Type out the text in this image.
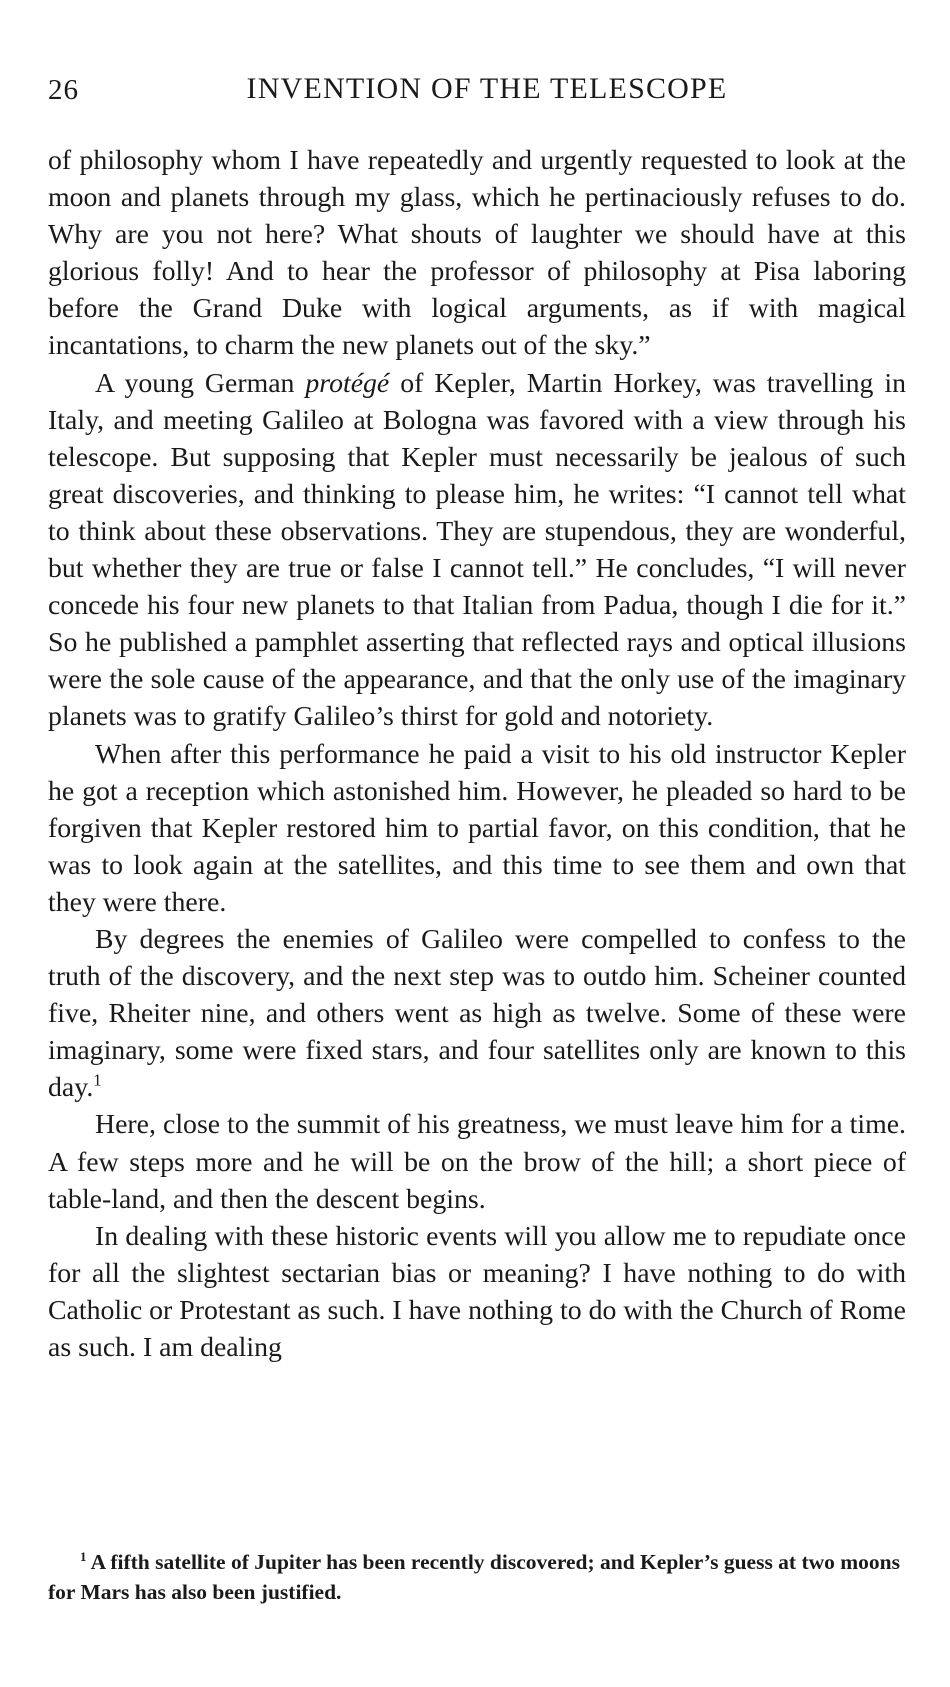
26	INVENTION OF THE TELESCOPE

of philosophy whom I have repeatedly and urgently requested to look at the moon and planets through my glass, which he pertinaciously refuses to do. Why are you not here? What shouts of laughter we should have at this glorious folly! And to hear the professor of philosophy at Pisa laboring before the Grand Duke with logical arguments, as if with magical incantations, to charm the new planets out of the sky.”

A young German protégé of Kepler, Martin Horkey, was travelling in Italy, and meeting Galileo at Bologna was favored with a view through his telescope. But supposing that Kepler must necessarily be jealous of such great discoveries, and thinking to please him, he writes: “I cannot tell what to think about these observations. They are stupendous, they are wonderful, but whether they are true or false I cannot tell.” He concludes, “I will never concede his four new planets to that Italian from Padua, though I die for it.” So he published a pamphlet asserting that reflected rays and optical illusions were the sole cause of the appearance, and that the only use of the imaginary planets was to gratify Galileo’s thirst for gold and notoriety.

When after this performance he paid a visit to his old instructor Kepler he got a reception which astonished him. However, he pleaded so hard to be forgiven that Kepler restored him to partial favor, on this condition, that he was to look again at the satellites, and this time to see them and own that they were there.

By degrees the enemies of Galileo were compelled to confess to the truth of the discovery, and the next step was to outdo him. Scheiner counted five, Rheiter nine, and others went as high as twelve. Some of these were imaginary, some were fixed stars, and four satellites only are known to this day.$^1$

Here, close to the summit of his greatness, we must leave him for a time. A few steps more and he will be on the brow of the hill; a short piece of table-land, and then the descent begins.

In dealing with these historic events will you allow me to repudiate once for all the slightest sectarian bias or meaning? I have nothing to do with Catholic or Protestant as such. I have nothing to do with the Church of Rome as such. I am dealing

$^1$ A fifth satellite of Jupiter has been recently discovered; and Kepler’s guess at two moons for Mars has also been justified.
